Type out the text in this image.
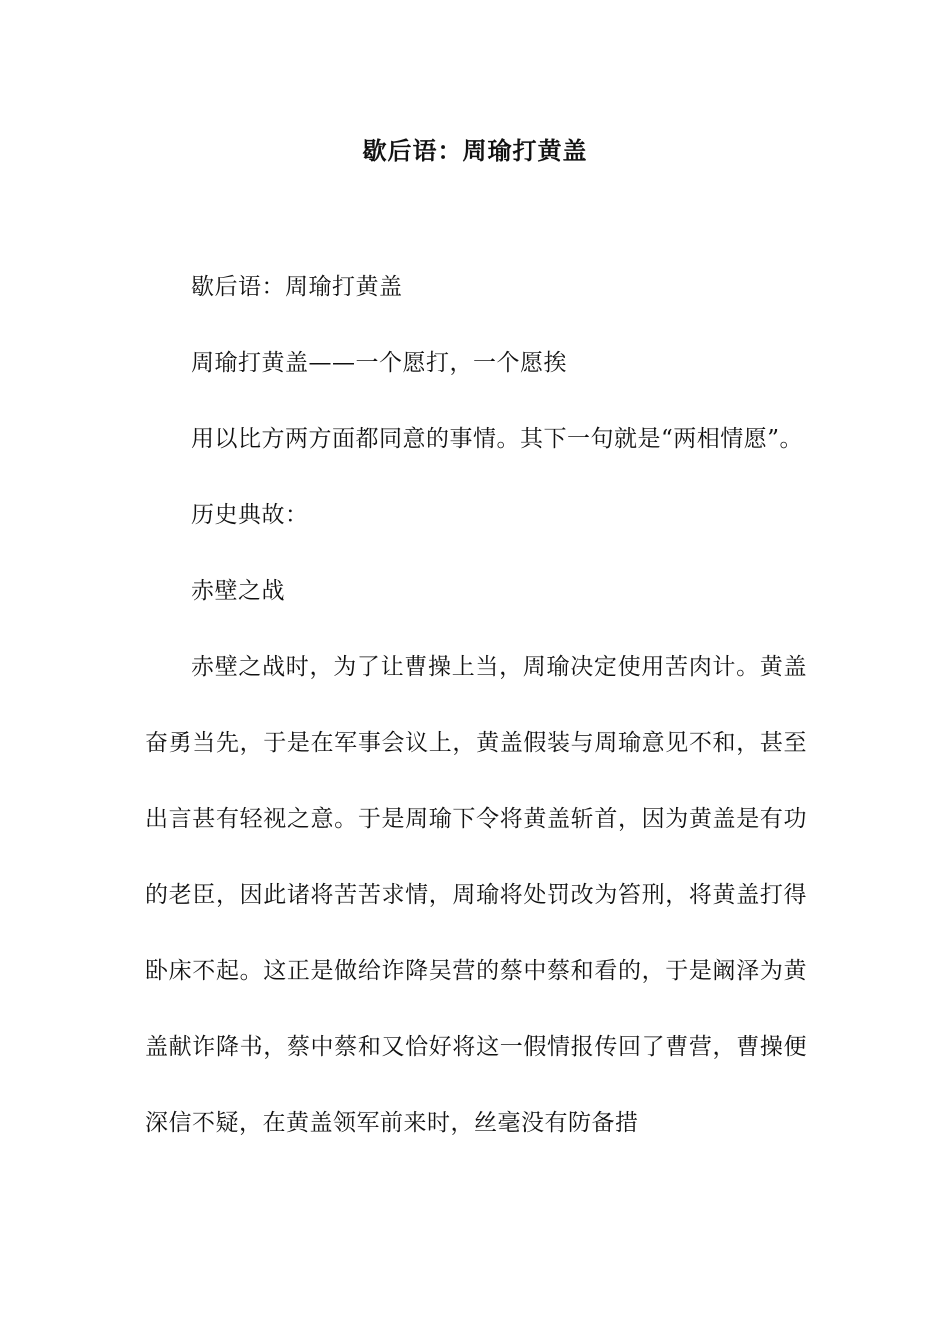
歇后语：周瑜打黄盖

歇后语：周瑜打黄盖

周瑜打黄盖——一个愿打，一个愿挨

用以比方两方面都同意的事情。其下一句就是“两相情愿”。

历史典故：

赤壁之战

赤壁之战时，为了让曹操上当，周瑜决定使用苦肉计。黄盖奋勇当先，于是在军事会议上，黄盖假装与周瑜意见不和，甚至出言甚有轻视之意。于是周瑜下令将黄盖斩首，因为黄盖是有功的老臣，因此诸将苦苦求情，周瑜将处罚改为笞刑，将黄盖打得卧床不起。这正是做给诈降吴营的蔡中蔡和看的，于是阚泽为黄盖献诈降书，蔡中蔡和又恰好将这一假情报传回了曹营，曹操便深信不疑，在黄盖领军前来时，丝毫没有防备措
